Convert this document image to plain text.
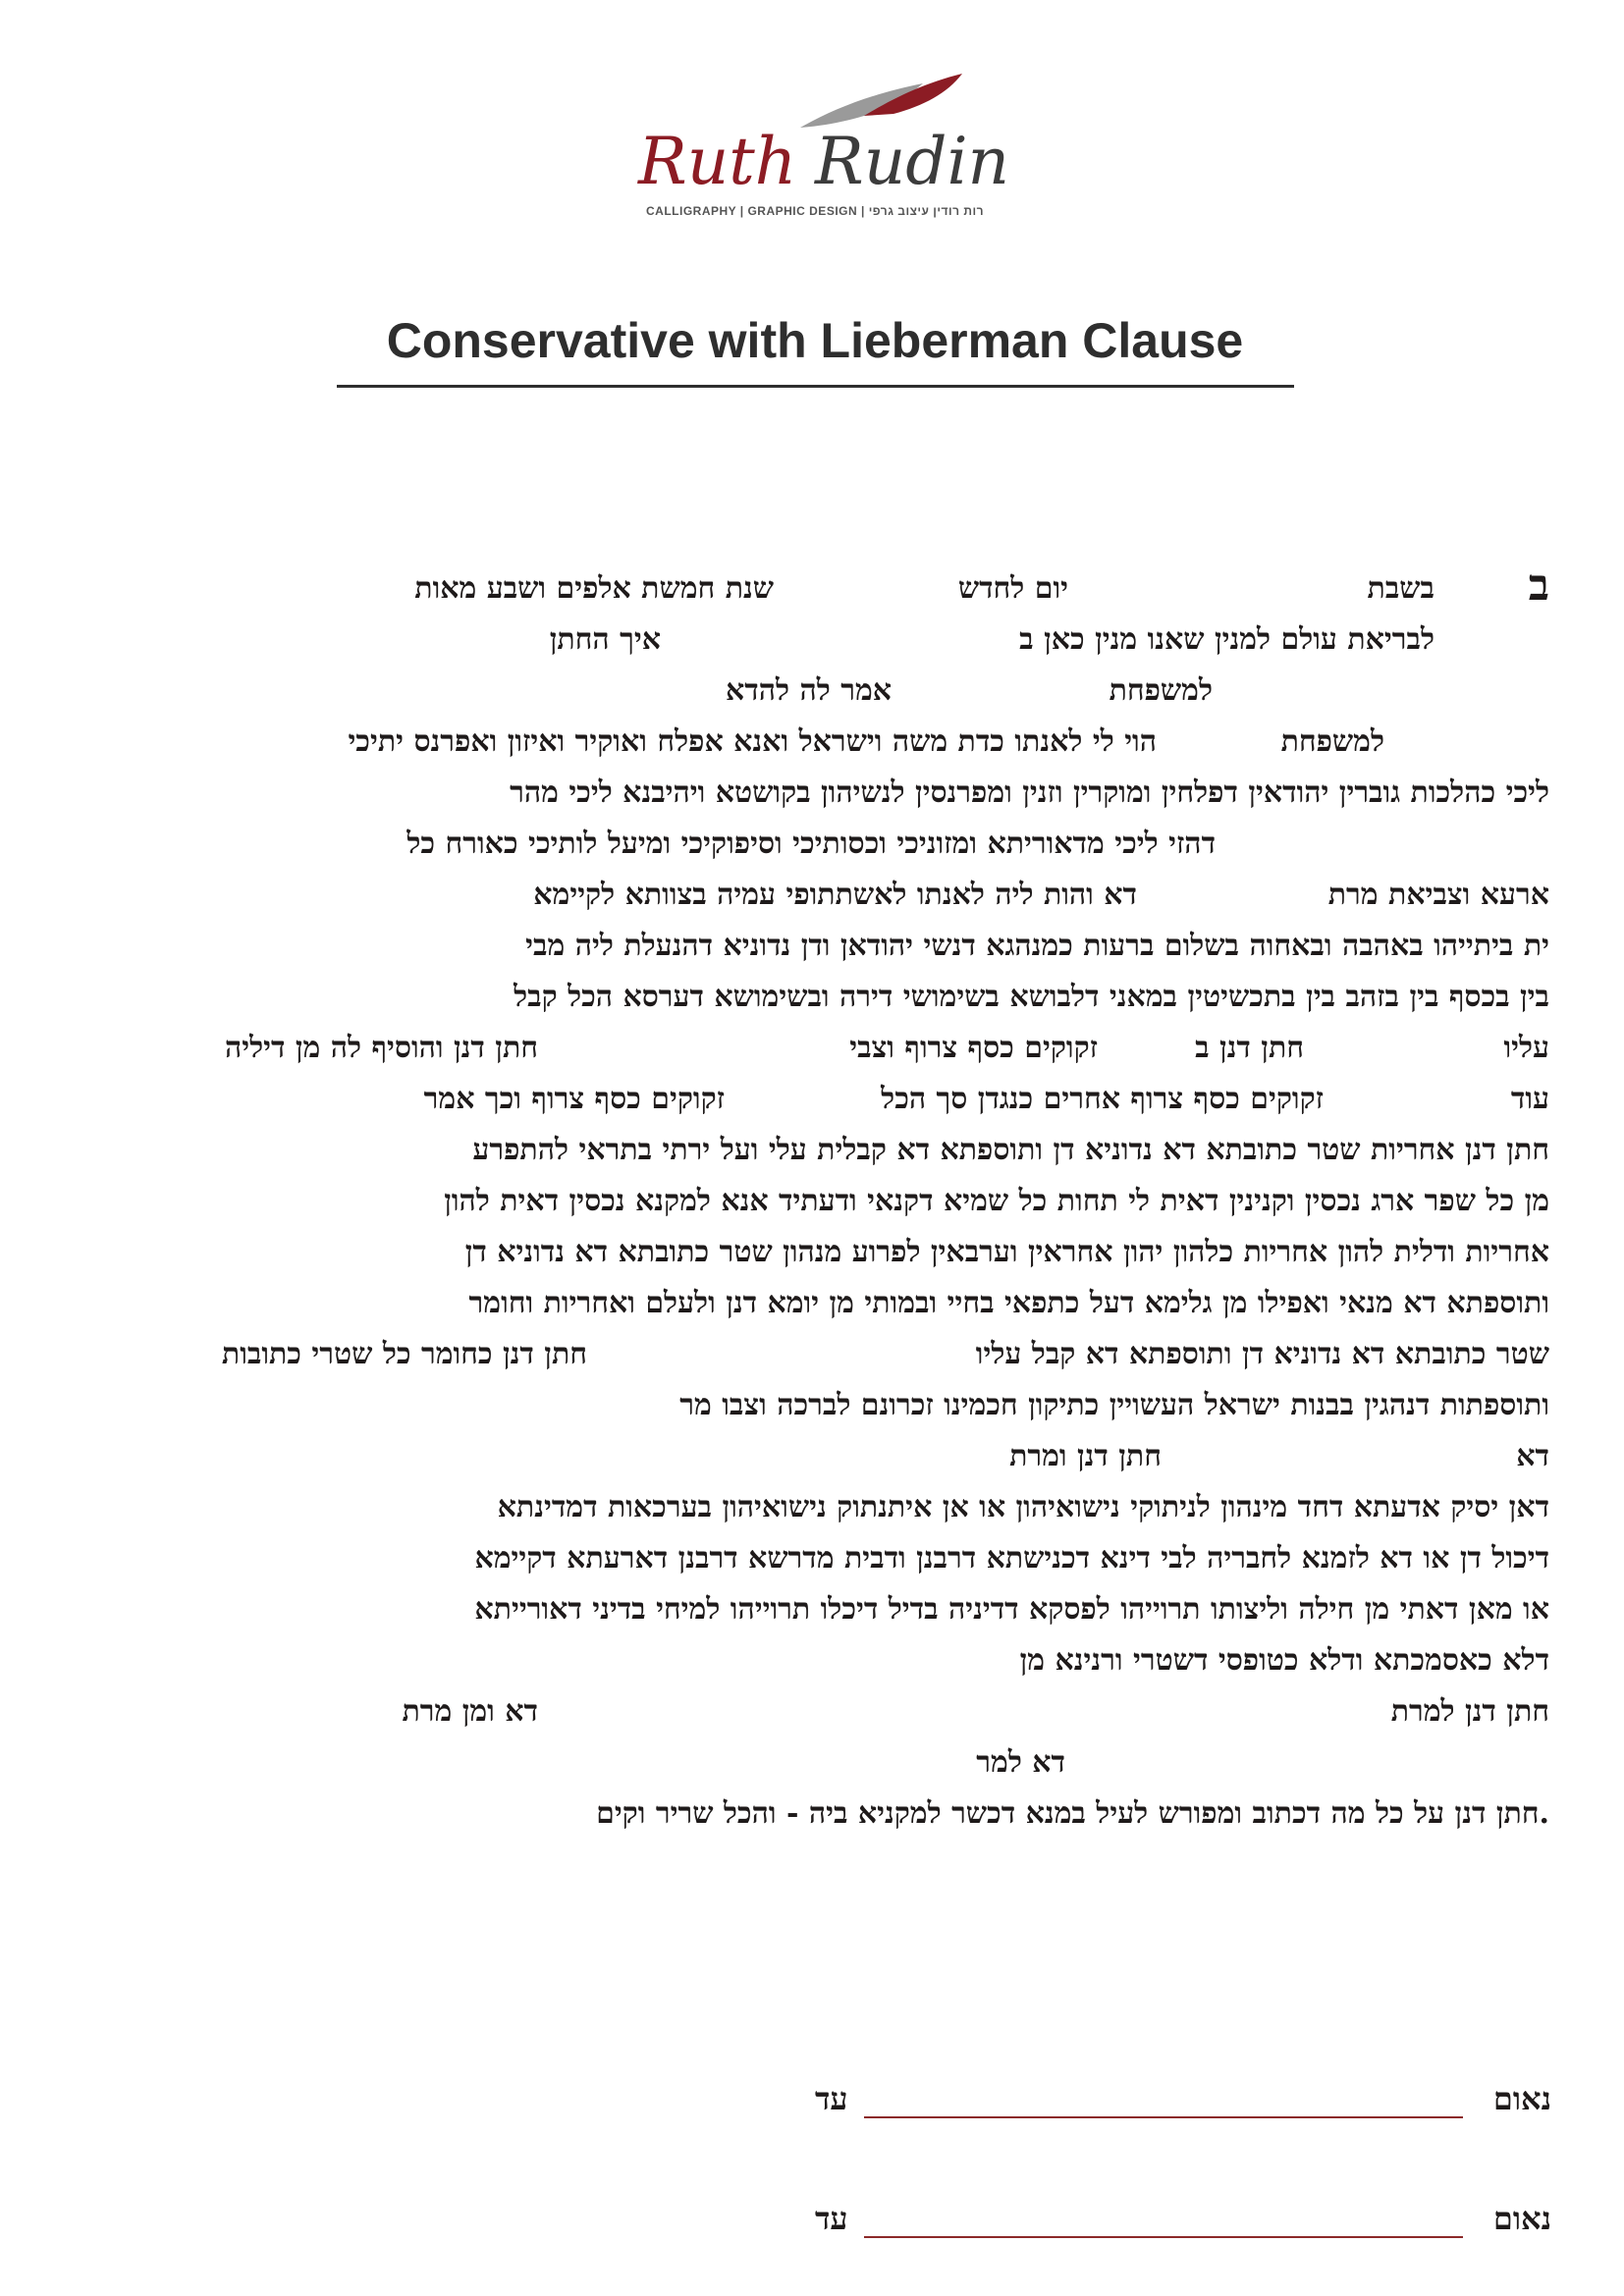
Ruth Rudin
CALLIGRAPHY | GRAPHIC DESIGN | רות רודין עיצוב גרפי
Conservative with Lieberman Clause
ב
בשבת
יום לחדש
שנת חמשת אלפים ושבע מאות
לבריאת עולם למנין שאנו מנין כאן ב
איך החתן
למשפחת
אמר לה להדא
למשפחת
הוי לי לאנתו כדת משה וישראל ואנא אפלח ואוקיר ואיזון ואפרנס יתיכי
ליכי כהלכות גוברין יהודאין דפלחין ומוקרין וזנין ומפרנסין לנשיהון בקושטא ויהיבנא ליכי מהר
דהזי ליכי מדאוריתא ומזוניכי וכסותיכי וסיפוקיכי ומיעל לותיכי כאורח כל
ארעא וצביאת מרת
דא והות ליה לאנתו לאשתתופי עמיה בצוותא לקיימא
ית ביתייהו באהבה ובאחוה בשלום ברעות כמנהגא דנשי יהודאן ודן נדוניא דהנעלת ליה מבי
בין בכסף בין בזהב בין בתכשיטין במאני דלבושא בשימושי דירה ובשימושא דערסא הכל קבל
עליו
חתן דנן ב
זקוקים כסף צרוף וצבי
חתן דנן והוסיף לה מן דיליה
עוד
זקוקים כסף צרוף אחרים כנגדן סך הכל
זקוקים כסף צרוף וכך אמר
חתן דנן אחריות שטר כתובתא דא נדוניא דן ותוספתא דא קבלית עלי ועל ירתי בתראי להתפרע
מן כל שפר ארג נכסין וקנינין דאית לי תחות כל שמיא דקנאי ודעתיד אנא למקנא נכסין דאית להון
אחריות ודלית להון אחריות כלהון יהון אחראין וערבאין לפרוע מנהון שטר כתובתא דא נדוניא דן
ותוספתא דא מנאי ואפילו מן גלימא דעל כתפאי בחיי ובמותי מן יומא דנן ולעלם ואחריות וחומר
שטר כתובתא דא נדוניא דן ותוספתא דא קבל עליו
חתן דנן כחומר כל שטרי כתובות
ותוספתות דנהגין בבנות ישראל העשויין כתיקון חכמינו זכרונם לברכה וצבו מר
דא
חתן דנן ומרת
דאן יסיק אדעתא דחד מינהון לניתוקי נישואיהון או אן איתנתוק נישואיהון בערכאות דמדינתא
דיכול דן או דא לזמנא לחבריה לבי דינא דכנישתא דרבנן ודבית מדרשא דרבנן דארעתא דקיימא
או מאן דאתי מן חילה וליצותו תרוייהו לפסקא דדיניה בדיל דיכלו תרוייהו למיחי בדיני דאורייתא
דלא כאסמכתא ודלא כטופסי דשטרי ורנינא מן
חתן דנן למרת
דא ומן מרת
דא למר
חתן דנן על כל מה דכתוב ומפורש לעיל במנא דכשר למקניא ביה - והכל שריר וקים.
נאום
עד
נאום
עד
